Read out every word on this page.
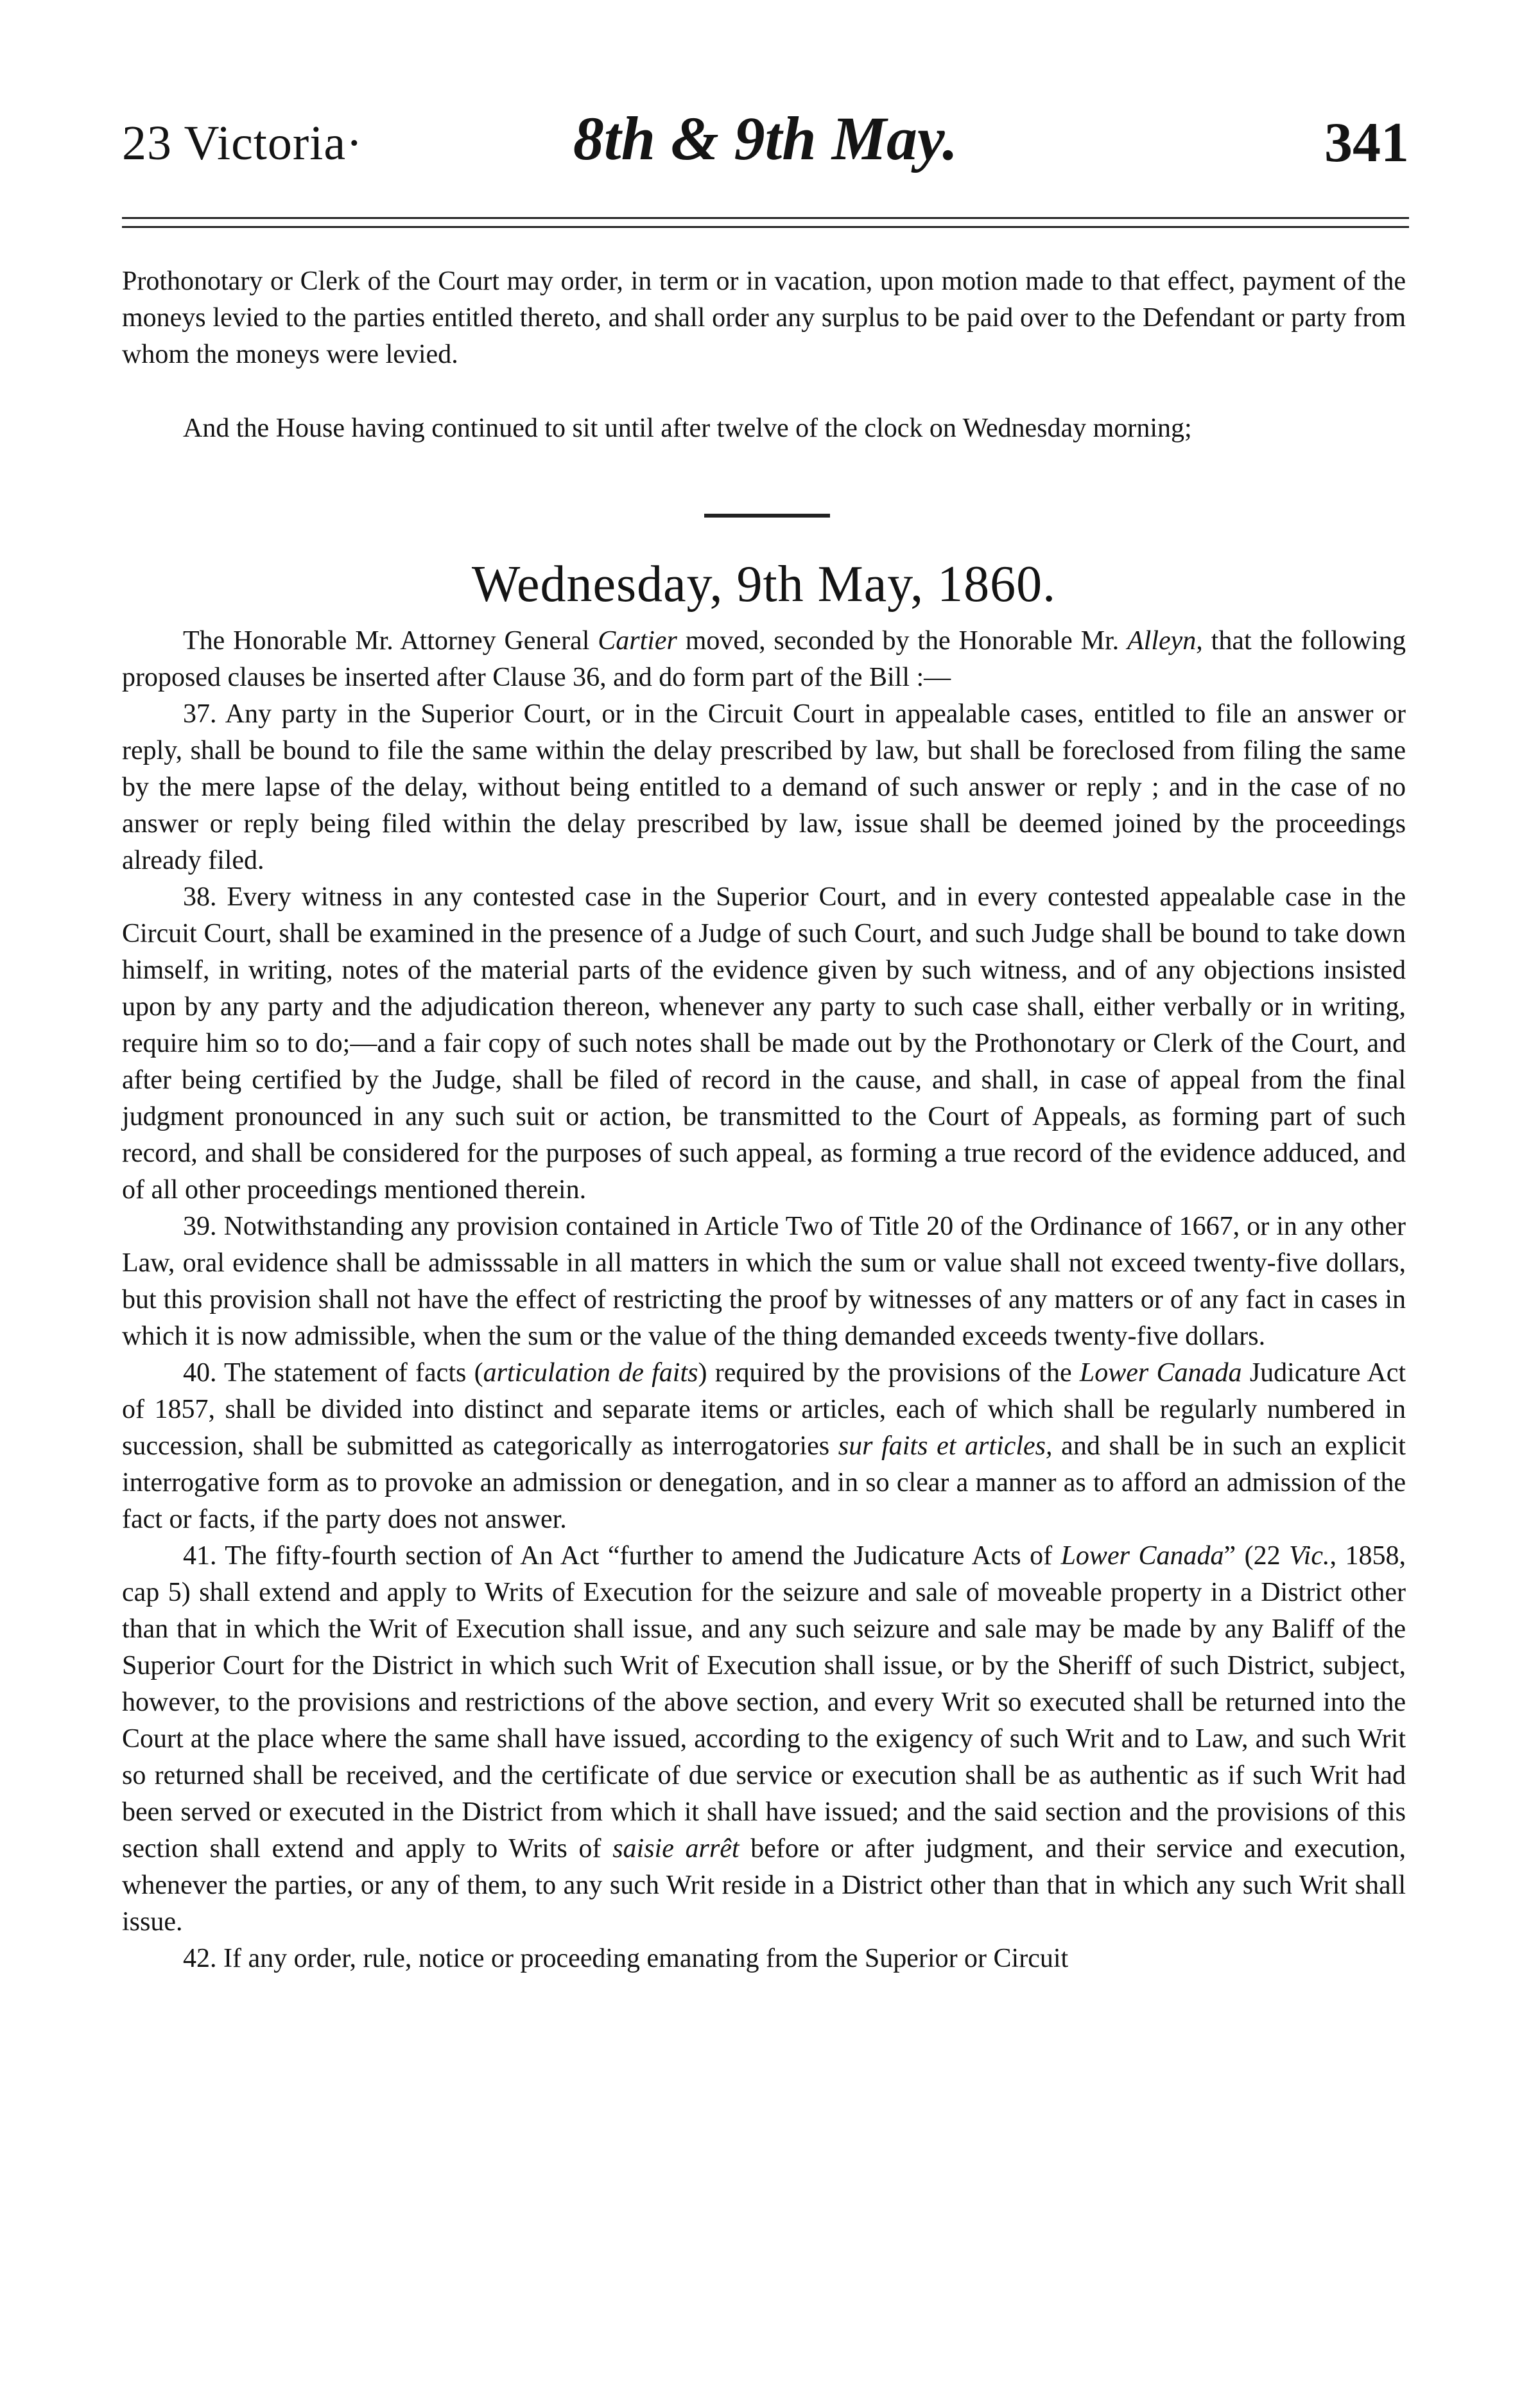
23 Victoria·	8th & 9th May.	341

Prothonotary or Clerk of the Court may order, in term or in vacation, upon motion made to that effect, payment of the moneys levied to the parties entitled thereto, and shall order any surplus to be paid over to the Defendant or party from whom the moneys were levied.

And the House having continued to sit until after twelve of the clock on Wednesday morning;

Wednesday, 9th May, 1860.

The Honorable Mr. Attorney General Cartier moved, seconded by the Honorable Mr. Alleyn, that the following proposed clauses be inserted after Clause 36, and do form part of the Bill :—

37. Any party in the Superior Court, or in the Circuit Court in appealable cases, entitled to file an answer or reply, shall be bound to file the same within the delay prescribed by law, but shall be foreclosed from filing the same by the mere lapse of the delay, without being entitled to a demand of such answer or reply ; and in the case of no answer or reply being filed within the delay prescribed by law, issue shall be deemed joined by the proceedings already filed.

38. Every witness in any contested case in the Superior Court, and in every contested appealable case in the Circuit Court, shall be examined in the presence of a Judge of such Court, and such Judge shall be bound to take down himself, in writing, notes of the material parts of the evidence given by such witness, and of any objections insisted upon by any party and the adjudication thereon, whenever any party to such case shall, either verbally or in writing, require him so to do;—and a fair copy of such notes shall be made out by the Prothonotary or Clerk of the Court, and after being certified by the Judge, shall be filed of record in the cause, and shall, in case of appeal from the final judgment pronounced in any such suit or action, be transmitted to the Court of Appeals, as forming part of such record, and shall be considered for the purposes of such appeal, as forming a true record of the evidence adduced, and of all other proceedings mentioned therein.

39. Notwithstanding any provision contained in Article Two of Title 20 of the Ordinance of 1667, or in any other Law, oral evidence shall be admisssable in all matters in which the sum or value shall not exceed twenty-five dollars, but this provision shall not have the effect of restricting the proof by witnesses of any matters or of any fact in cases in which it is now admissible, when the sum or the value of the thing demanded exceeds twenty-five dollars.

40. The statement of facts (articulation de faits) required by the provisions of the Lower Canada Judicature Act of 1857, shall be divided into distinct and separate items or articles, each of which shall be regularly numbered in succession, shall be submitted as categorically as interrogatories sur faits et articles, and shall be in such an explicit interrogative form as to provoke an admission or denegation, and in so clear a manner as to afford an admission of the fact or facts, if the party does not answer.

41. The fifty-fourth section of An Act “further to amend the Judicature Acts of Lower Canada” (22 Vic., 1858, cap 5) shall extend and apply to Writs of Execution for the seizure and sale of moveable property in a District other than that in which the Writ of Execution shall issue, and any such seizure and sale may be made by any Baliff of the Superior Court for the District in which such Writ of Execution shall issue, or by the Sheriff of such District, subject, however, to the provisions and restrictions of the above section, and every Writ so executed shall be returned into the Court at the place where the same shall have issued, according to the exigency of such Writ and to Law, and such Writ so returned shall be received, and the certificate of due service or execution shall be as authentic as if such Writ had been served or executed in the District from which it shall have issued; and the said section and the provisions of this section shall extend and apply to Writs of saisie arrêt before or after judgment, and their service and execution, whenever the parties, or any of them, to any such Writ reside in a District other than that in which any such Writ shall issue.

42. If any order, rule, notice or proceeding emanating from the Superior or Circuit
